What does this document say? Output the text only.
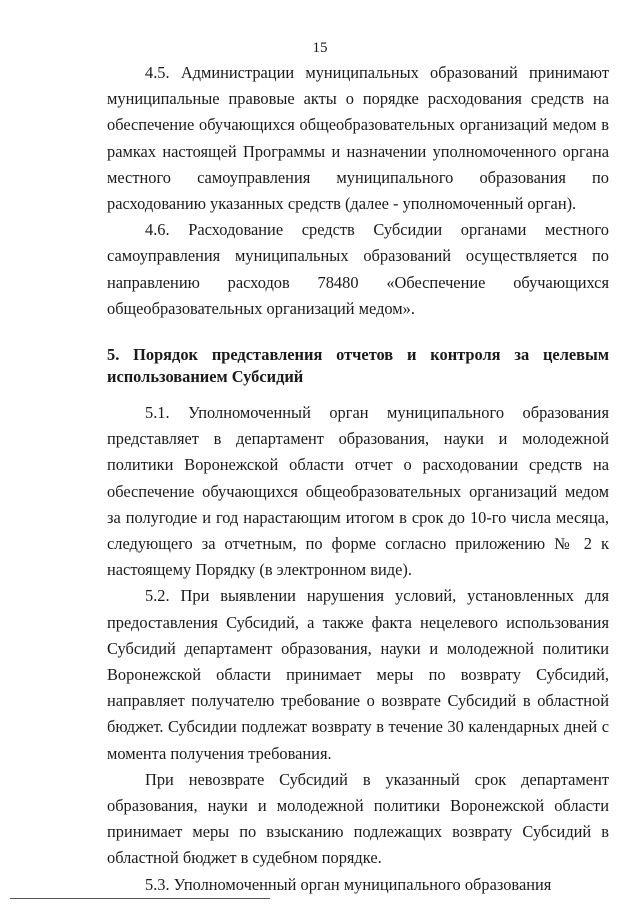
15

4.5. Администрации муниципальных образований принимают муниципальные правовые акты о порядке расходования средств на обеспечение обучающихся общеобразовательных организаций медом в рамках настоящей Программы и назначении уполномоченного органа местного самоуправления муниципального образования по расходованию указанных средств (далее - уполномоченный орган).

4.6. Расходование средств Субсидии органами местного самоуправления муниципальных образований осуществляется по направлению расходов 78480 «Обеспечение обучающихся общеобразовательных организаций медом».

5. Порядок представления отчетов и контроля за целевым использованием Субсидий

5.1. Уполномоченный орган муниципального образования представляет в департамент образования, науки и молодежной политики Воронежской области отчет о расходовании средств на обеспечение обучающихся общеобразовательных организаций медом за полугодие и год нарастающим итогом в срок до 10-го числа месяца, следующего за отчетным, по форме согласно приложению № 2 к настоящему Порядку (в электронном виде).

5.2. При выявлении нарушения условий, установленных для предоставления Субсидий, а также факта нецелевого использования Субсидий департамент образования, науки и молодежной политики Воронежской области принимает меры по возврату Субсидий, направляет получателю требование о возврате Субсидий в областной бюджет. Субсидии подлежат возврату в течение 30 календарных дней с момента получения требования.

При невозврате Субсидий в указанный срок департамент образования, науки и молодежной политики Воронежской области принимает меры по взысканию подлежащих возврату Субсидий в областной бюджет в судебном порядке.

5.3. Уполномоченный орган муниципального образования
